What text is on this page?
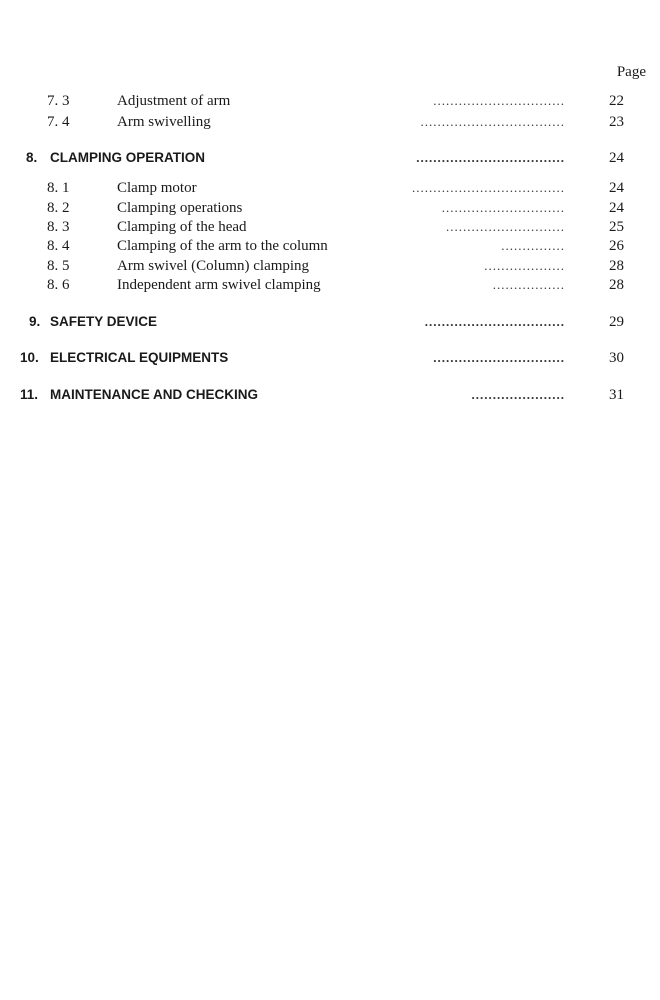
Page
7. 3	Adjustment of arm	...............................	22
7. 4	Arm swivelling	..................................	23
8. CLAMPING OPERATION	...................................	24
8. 1	Clamp motor	....................................	24
8. 2	Clamping operations	.............................	24
8. 3	Clamping of the head	............................	25
8. 4	Clamping of the arm to the column	...............	26
8. 5	Arm swivel (Column) clamping	...................	28
8. 6	Independent arm swivel clamping	.................	28
9. SAFETY DEVICE	.................................	29
10. ELECTRICAL EQUIPMENTS	...............................	30
11. MAINTENANCE AND CHECKING	......................	31
